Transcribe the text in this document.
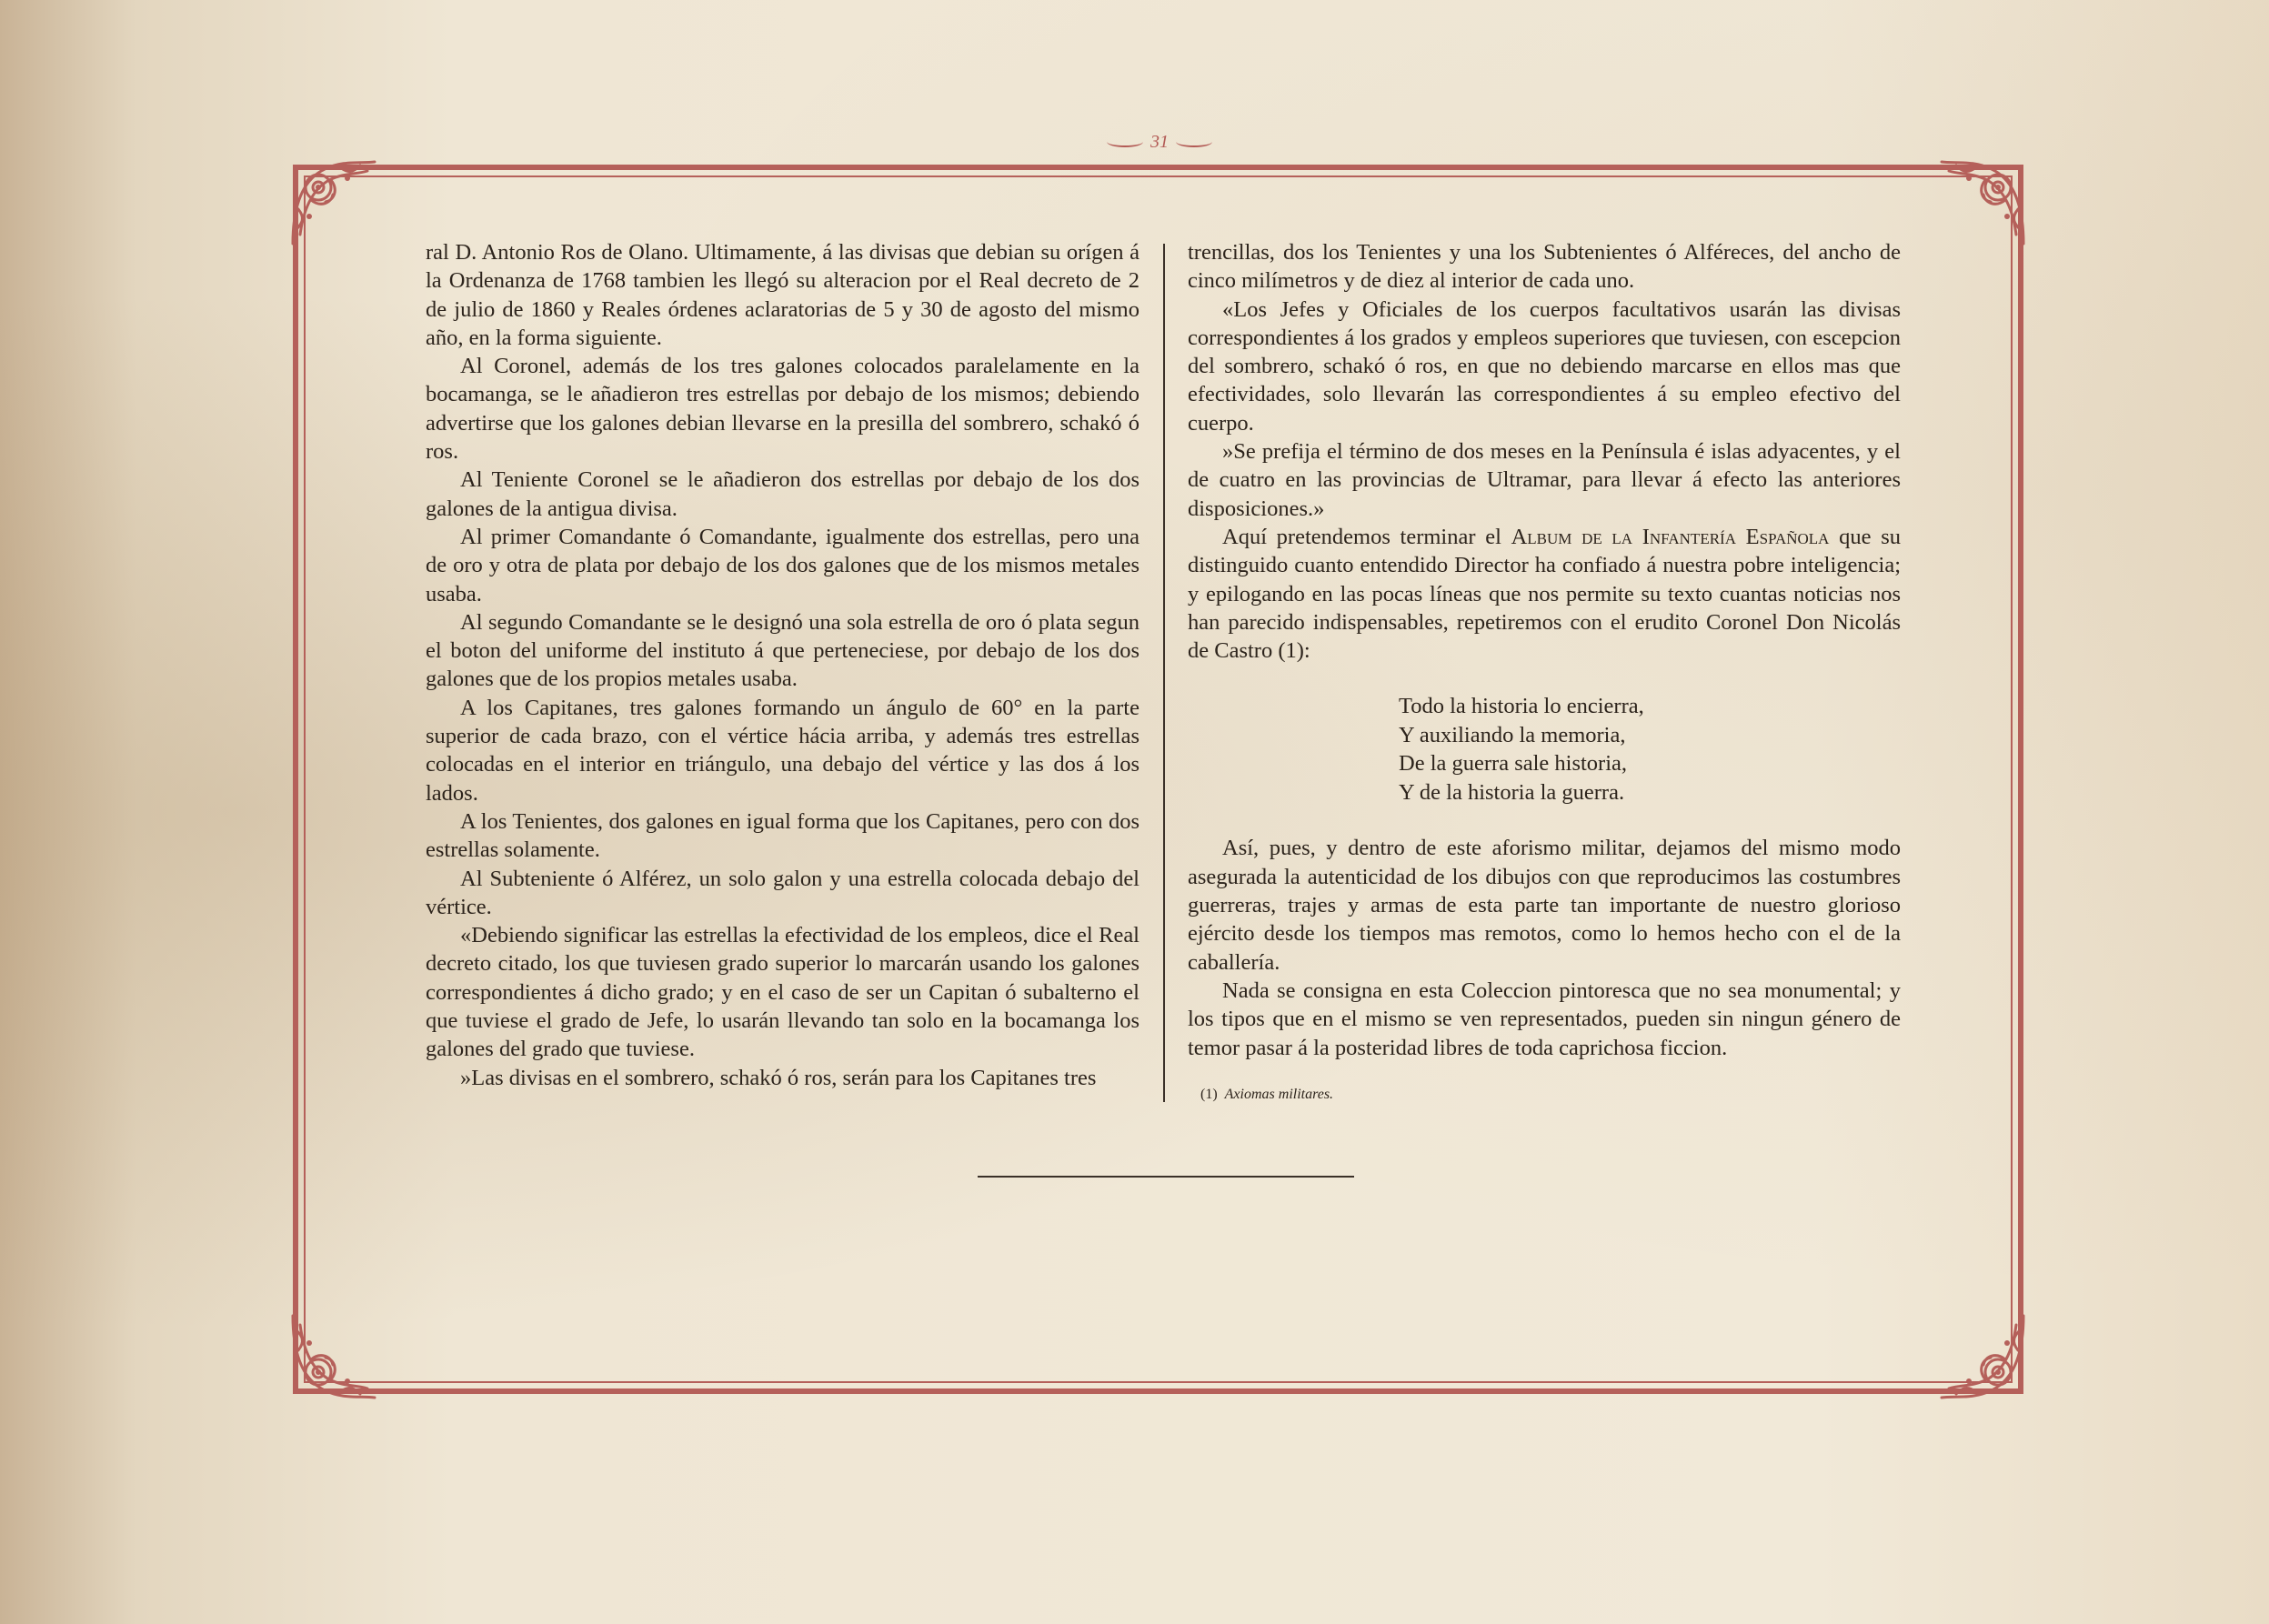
31

ral D. Antonio Ros de Olano. Ultimamente, á las divisas que debian su orígen á la Ordenanza de 1768 tambien les llegó su alteracion por el Real decreto de 2 de julio de 1860 y Reales órdenes aclaratorias de 5 y 30 de agosto del mismo año, en la forma siguiente.

Al Coronel, además de los tres galones colocados paralelamente en la bocamanga, se le añadieron tres estrellas por debajo de los mismos; debiendo advertirse que los galones debian llevarse en la presilla del sombrero, schakó ó ros.

Al Teniente Coronel se le añadieron dos estrellas por debajo de los dos galones de la antigua divisa.

Al primer Comandante ó Comandante, igualmente dos estrellas, pero una de oro y otra de plata por debajo de los dos galones que de los mismos metales usaba.

Al segundo Comandante se le designó una sola estrella de oro ó plata segun el boton del uniforme del instituto á que perteneciese, por debajo de los dos galones que de los propios metales usaba.

A los Capitanes, tres galones formando un ángulo de 60° en la parte superior de cada brazo, con el vértice hácia arriba, y además tres estrellas colocadas en el interior en triángulo, una debajo del vértice y las dos á los lados.

A los Tenientes, dos galones en igual forma que los Capitanes, pero con dos estrellas solamente.

Al Subteniente ó Alférez, un solo galon y una estrella colocada debajo del vértice.

«Debiendo significar las estrellas la efectividad de los empleos, dice el Real decreto citado, los que tuviesen grado superior lo marcarán usando los galones correspondientes á dicho grado; y en el caso de ser un Capitan ó subalterno el que tuviese el grado de Jefe, lo usarán llevando tan solo en la bocamanga los galones del grado que tuviese.

»Las divisas en el sombrero, schakó ó ros, serán para los Capitanes tres

trencillas, dos los Tenientes y una los Subtenientes ó Alféreces, del ancho de cinco milímetros y de diez al interior de cada uno.

«Los Jefes y Oficiales de los cuerpos facultativos usarán las divisas correspondientes á los grados y empleos superiores que tuviesen, con escepcion del sombrero, schakó ó ros, en que no debiendo marcarse en ellos mas que efectividades, solo llevarán las correspondientes á su empleo efectivo del cuerpo.

»Se prefija el término de dos meses en la Península é islas adyacentes, y el de cuatro en las provincias de Ultramar, para llevar á efecto las anteriores disposiciones.»

Aquí pretendemos terminar el Album de la Infantería Española que su distinguido cuanto entendido Director ha confiado á nuestra pobre inteligencia; y epilogando en las pocas líneas que nos permite su texto cuantas noticias nos han parecido indispensables, repetiremos con el erudito Coronel Don Nicolás de Castro (1):

Todo la historia lo encierra,
Y auxiliando la memoria,
De la guerra sale historia,
Y de la historia la guerra.

Así, pues, y dentro de este aforismo militar, dejamos del mismo modo asegurada la autenticidad de los dibujos con que reproducimos las costumbres guerreras, trajes y armas de esta parte tan importante de nuestro glorioso ejército desde los tiempos mas remotos, como lo hemos hecho con el de la caballería.

Nada se consigna en esta Coleccion pintoresca que no sea monumental; y los tipos que en el mismo se ven representados, pueden sin ningun género de temor pasar á la posteridad libres de toda caprichosa ficcion.

(1) Axiomas militares.
